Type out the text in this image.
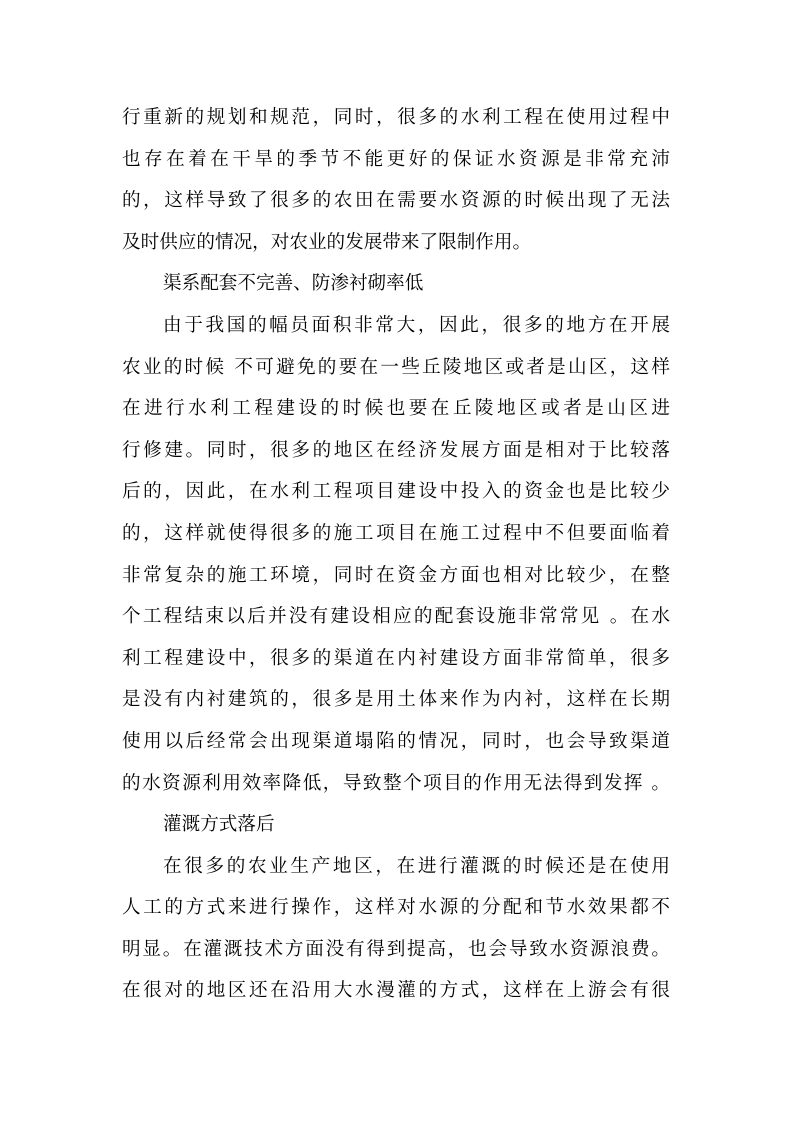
行重新的规划和规范，同时，很多的水利工程在使用过程中
也存在着在干旱的季节不能更好的保证水资源是非常充沛
的，这样导致了很多的农田在需要水资源的时候出现了无法
及时供应的情况，对农业的发展带来了限制作用。
渠系配套不完善、防渗衬砌率低
由于我国的幅员面积非常大，因此，很多的地方在开展
农业的时候 不可避免的要在一些丘陵地区或者是山区，这样
在进行水利工程建设的时候也要在丘陵地区或者是山区进
行修建。同时，很多的地区在经济发展方面是相对于比较落
后的，因此，在水利工程项目建设中投入的资金也是比较少
的，这样就使得很多的施工项目在施工过程中不但要面临着
非常复杂的施工环境，同时在资金方面也相对比较少，在整
个工程结束以后并没有建设相应的配套设施非常常见 。在水
利工程建设中，很多的渠道在内衬建设方面非常简单，很多
是没有内衬建筑的，很多是用土体来作为内衬，这样在长期
使用以后经常会出现渠道塌陷的情况，同时，也会导致渠道
的水资源利用效率降低，导致整个项目的作用无法得到发挥 。
灌溉方式落后
在很多的农业生产地区，在进行灌溉的时候还是在使用
人工的方式来进行操作，这样对水源的分配和节水效果都不
明显。在灌溉技术方面没有得到提高，也会导致水资源浪费。
在很对的地区还在沿用大水漫灌的方式，这样在上游会有很
